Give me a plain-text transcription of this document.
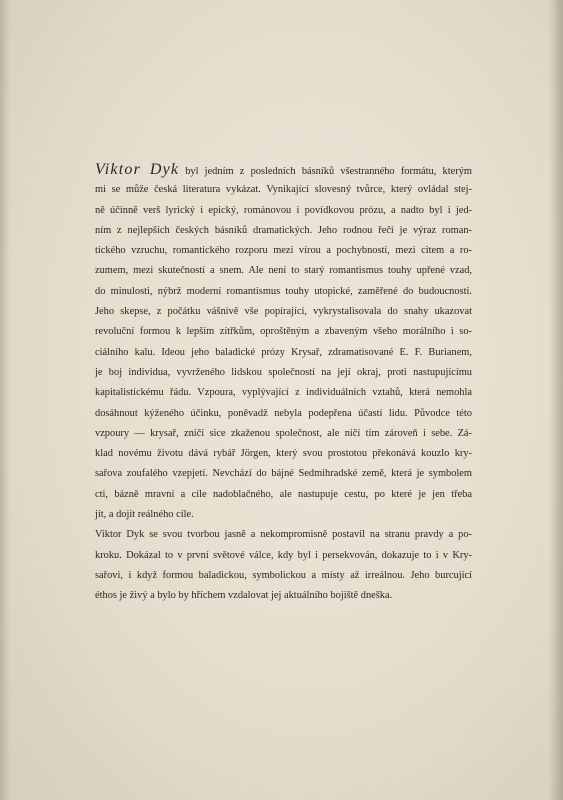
Viktor Dyk byl jedním z posledních básníků všestranného formátu, kterým
mi se může česká literatura vykázat. Vynikající slovesný tvůrce, který ovládal stej-
ně účinně verš lyrický i epický, románovou i povídkovou prózu, a nadto byl i jed-
ním z nejlepších českých básníků dramatických. Jeho rodnou řečí je výraz roman-
tického vzruchu, romantického rozporu mezi vírou a pochybností, mezi citem a ro-
zumem, mezi skutečností a snem. Ale není to starý romantismus touhy upřené vzad,
do minulosti, nýbrž moderní romantismus touhy utopické, zaměřené do budoucnosti.
Jeho skepse, z počátku vášnivě vše popírající, vykrystalisovala do snahy ukazovat
revoluční formou k lepším zítřkům, oproštěným a zbaveným všeho morálního i so-
ciálního kalu. Ideou jeho baladické prózy Krysař, zdramatisované E. F. Burianem,
je boj individua, vyvrženého lidskou společností na její okraj, proti nastupujícímu
kapitalistickému řádu. Vzpoura, vyplývající z individuálních vztahů, která nemohla
dosáhnout kýženého účinku, poněvadž nebyla podepřena účastí lidu. Původce této
vzpoury — krysař, zničí sice zkaženou společnost, ale ničí tím zároveň i sebe. Zá-
klad novému životu dává rybář Jörgen, který svou prostotou překonává kouzlo kry-
sařova zoufalého vzepjetí. Nevchází do bájné Sedmihradské země, která je symbolem
cti, bázně mravní a cíle nadoblačného, ale nastupuje cestu, po které je jen třeba
jít, a dojít reálného cíle.
Viktor Dyk se svou tvorbou jasně a nekompromisně postavil na stranu pravdy a po-
kroku. Dokázal to v první světové válce, kdy byl i persekvován, dokazuje to i v Kry-
sařovi, i když formou baladickou, symbolickou a místy až irreálnou. Jeho burcující
éthos je živý a bylo by hříchem vzdalovat jej aktuálního bojiště dneška.
